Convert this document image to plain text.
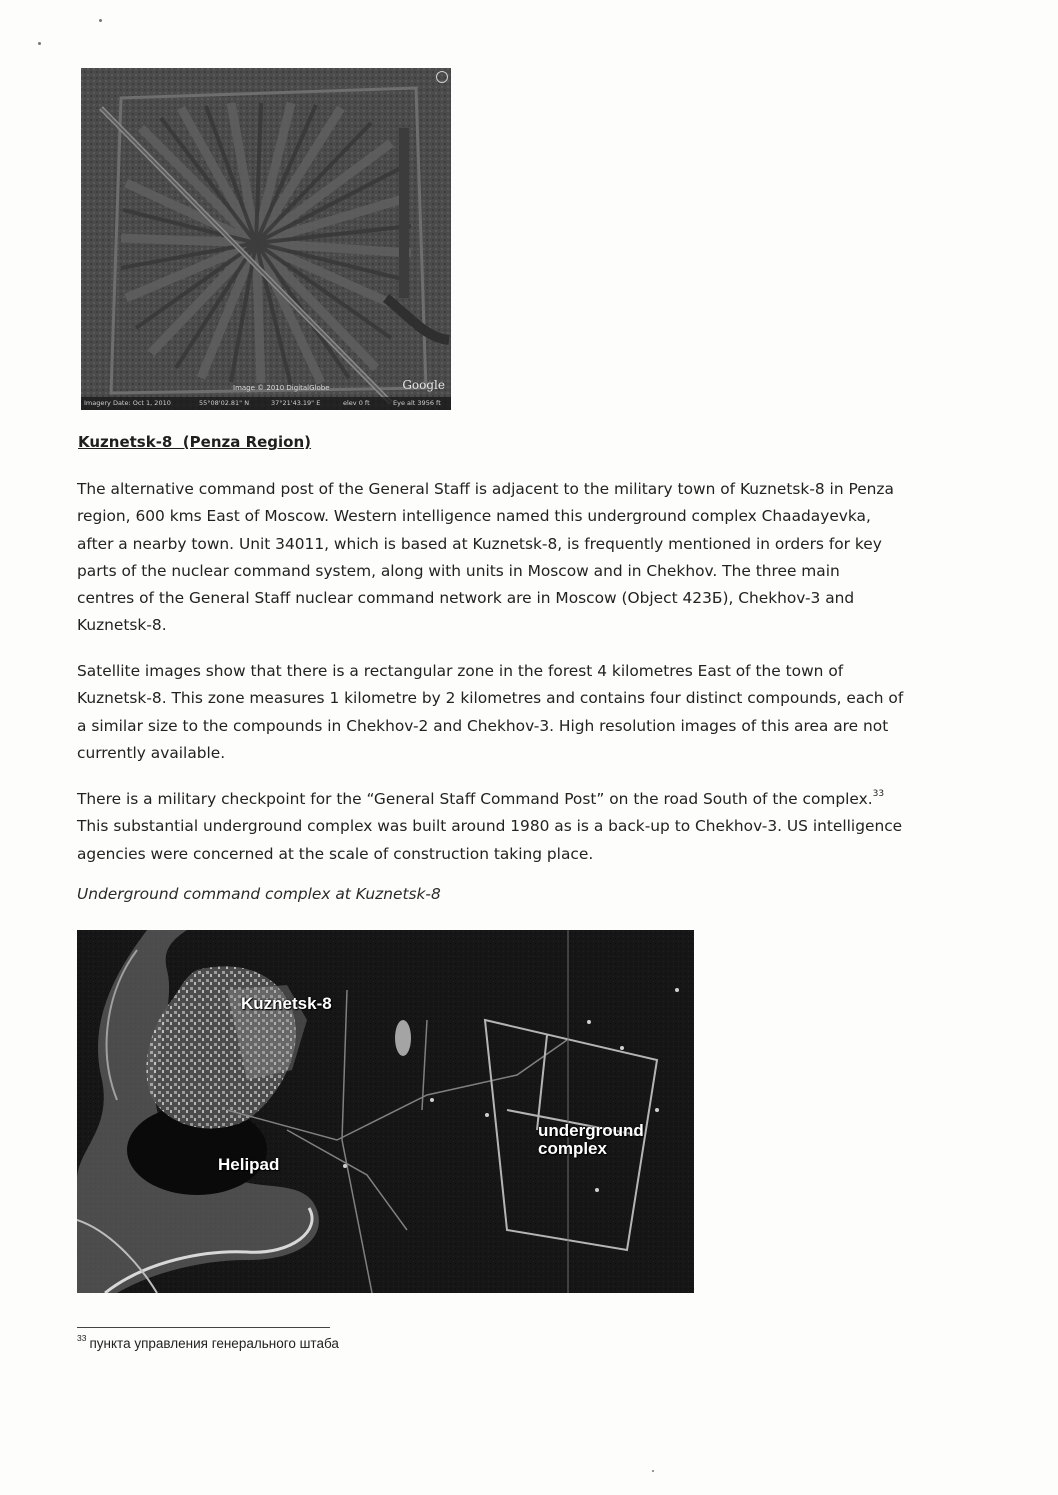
Image © 2010 DigitalGlobe	Google
Imagery Date: Oct 1, 2010	55°08'02.81" N	37°21'43.19" E	elev 0 ft	Eye alt 3956 ft
Kuznetsk-8  (Penza Region)

The alternative command post of the General Staff is adjacent to the military town of Kuznetsk-8 in Penza
region, 600 kms East of Moscow. Western intelligence named this underground complex Chaadayevka,
after a nearby town. Unit 34011, which is based at Kuznetsk-8, is frequently mentioned in orders for key
parts of the nuclear command system, along with units in Moscow and in Chekhov. The three main
centres of the General Staff nuclear command network are in Moscow (Object 423Б), Chekhov-3 and
Kuznetsk-8.

Satellite images show that there is a rectangular zone in the forest 4 kilometres East of the town of
Kuznetsk-8. This zone measures 1 kilometre by 2 kilometres and contains four distinct compounds, each of
a similar size to the compounds in Chekhov-2 and Chekhov-3. High resolution images of this area are not
currently available.

There is a military checkpoint for the “General Staff Command Post” on the road South of the complex.$^{33}$
This substantial underground complex was built around 1980 as is a back-up to Chekhov-3. US intelligence
agencies were concerned at the scale of construction taking place.

Underground command complex at Kuznetsk-8

Kuznetsk-8

Helipad

underground
complex

$^{33}$ пункта управления генерального штаба
